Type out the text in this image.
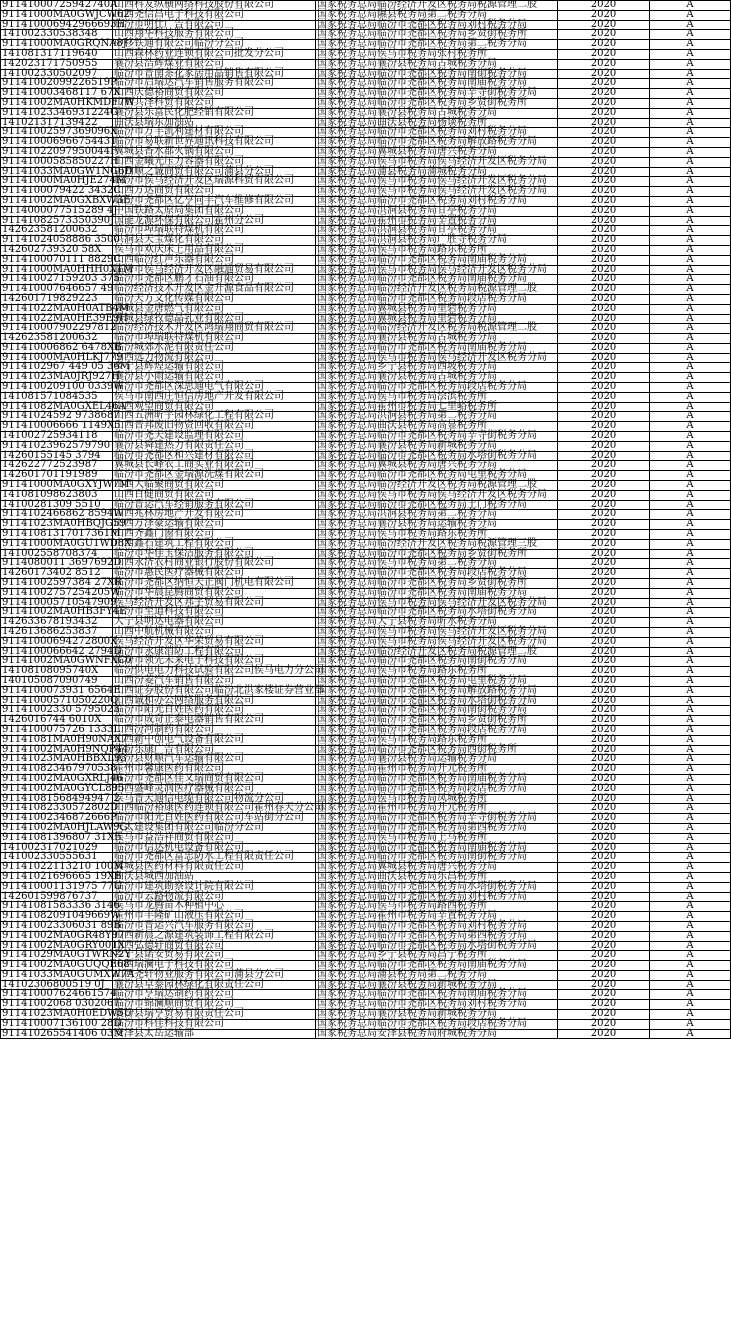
91141000725942740A	山西科友纵横网络科技股份有限公司	国家税务总局临汾经济开发区税务局税源管理二股	2020	A
91141000MA0GWJCW62	山西尧信昌电子科技有限公司	国家税务总局隰县税务局第二税务分局	2020	A
911410006942966693H	临汾市明仕广告有限公司	国家税务总局临汾市尧都区税务局刘村税务分局	2020	A
141002330538348	山西翔华科技服务有限公司	国家税务总局临汾市尧都区税务局乡贤街税务所	2020	A
91141000MA0GRQNA8J	中移铁通有限公司临汾分公司	国家税务总局临汾市尧都区税务局第二税务分局	2020	A
141081317119640	山西森林药业连锁有限公司批发分公司	国家税务总局侯马市税务局张村税务所	2020	A
142023171750955	襄汾县浩辉煤业有限公司	国家税务总局襄汾县税务局古城税务分局	2020	A
141002330502097	临汾市晋南茶花家居用品销售有限公司	国家税务总局临汾市尧都区税务局南街税务分局	2020	A
91141002099226519P	临汾市启瑞达汽车销售服务有限公司	国家税务总局临汾市尧都区税务局南庙税务分局	2020	A
911410003468117 67X	山西庆德裕商贸有限公司	国家税务总局临汾市尧都区税务局辛寺街税务分局	2020	A
91141002MA0HKMDF7W	山西共泽科贸有限公司	国家税务总局临汾市尧都区税务局乡贤街税务所	2020	A
91141023346931224G	襄汾县乐富民化肥经销有限公司	国家税务总局襄汾县税务局古城税务分局	2020	A
141021317139422	曲沃县瑞东加油站	国家税务总局曲沃县税务局杨谈税务所	2020	A
91141002597369096X	临汾市万丰凯利建材有限公司	国家税务总局临汾市尧都区税务局刘村税务分局	2020	A
911410006966754431	临汾市易联新世界通讯科技有限公司	国家税务总局临汾市尧都区税务局解放路税务分局	2020	A
91141022097950044F	翼城县香水郡火锅有限公司	国家税务总局翼城县税务局唐兴税务分局	2020	A
91141000585850227H	山西金曦光压力容器有限公司	国家税务总局侯马市税务局侯马经济开发区税务分局	2020	A
91141033MA0GW1NG6D	山西顺之诚商贸有限公司蒲县分公司	国家税务总局蒲县税务局蒲城税务分局	2020	A
91141000MA0HJE274M	临汾市侯马经济开发区瑞源科贸有限公司	国家税务总局侯马市税务局侯马经济开发区税务分局	2020	A
9114100079422 3432C	山西万达商贸有限公司	国家税务总局侯马市税务局侯马经济开发区税务分局	2020	A
91141002MA0GXBXW3E	临汾市尧都区亿亨同丰汽车维修有限公司	国家税务总局临汾市尧都区税务局刘村税务分局	2020	A
9114000077515289 4J	中国铁路太原局集团有限公司	国家税务总局洪洞县税务局甘亭税务分局	2020	A
91141082573350390J	国能龙源环保有限公司霍州分公司	国家税务总局霍州市税务局辛置税务分局	2020	A
142623581200632	临汾市埠瑞联特煤机有限公司	国家税务总局洪洞县税务局甘亭税务分局	2020	A
91141024058886 3500	洪洞县天宝煤化有限公司	国家税务总局洪洞县税务局广胜寺税务分局	2020	A
142602739320 58X	侯马市欢庆床上用品有限公司	国家税务总局侯马市税务局路东税务所	2020	A
9114100070111 8829C	山西临汾红声乐器有限公司	国家税务总局临汾市尧都区税务局南庙税务分局	2020	A
91141000MA0HHH0X1M	临汾市侯马经济开发区融通贸易有限公司	国家税务总局侯马市税务局侯马经济开发区税务分局	2020	A
911410027159203 375	临汾市尧都区鹏才石油有限公司	国家税务总局临汾市尧都区税务局南庙税务分局	2020	A
911410007646657 49	临汾经济技术开发区金升源食品有限公司	国家税务总局临汾经济开发区税务局税源管理二股	2020	A
142601719829223	临汾天方文化传媒有限公司	国家税务总局临汾市尧都区税务局段店税务分局	2020	A
91141022MA0H0ATB4M	翼城县金唐燃气有限公司	国家税务总局翼城县税务局里砦税务分局	2020	A
91141022MA0HE39E9H	翼城县绿牧德晶乳业有限公司	国家税务总局翼城县税务局里砦税务分局	2020	A
911410007902297812	临汾经济技术开发区鸿瑞翔商贸有限公司	国家税务总局临汾经济开发区税务局税源管理二股	2020	A
142623581200632	临汾市埠瑞联特煤机有限公司	国家税务总局襄汾县税务局古城税务分局	2020	A
911410006862 6478XB	临汾城郊水泥有限责任公司	国家税务总局临汾市尧都区税务局南庙税务分局	2020	A
91141000MA0HLKJ779	山西远力物流有限公司	国家税务总局侯马市税务局侯马经济开发区税务分局	2020	A
9114102967 449 05 36M	乡宁县辉煌运输有限公司	国家税务总局乡宁县税务局西坡税务分局	2020	A
91141023MA0JRJ927H	襄汾县小雨运输有限公司	国家税务总局襄汾县税务局古城税务分局	2020	A
9114100209100 0339W	临汾市尧都区深思通电气有限公司	国家税务总局临汾市尧都区税务局段店税务分局	2020	A
141081571084535	侯马市南西庄恒信房地产开发有限公司	国家税务总局侯马市税务局浍滨税务所	2020	A
91141082MA0GXEL46A	山西观望商贸有限公司	国家税务总局霍州市税务局七里峪税务所	2020	A
91141024592 9738687	山西五洲昕宇园林绿化工程有限公司	国家税务总局洪洞县税务局第二税务分局	2020	A
911410006666 1149X5	山西晋邦废旧物资回收有限公司	国家税务总局曲沃县税务局高显税务所	2020	A
141002725934118	临汾市尧天建设监理有限公司	国家税务总局临汾市尧都区税务局辛寺街税务分局	2020	A
91141023962579790	襄汾县舜建热力有限责任公司	国家税务总局襄汾县税务局新城税务分局	2020	A
14260155145 3794	临汾市尧都区和兴建材有限公司	国家税务总局临汾市尧都区税务局水塔街税务分局	2020	A
142622772523987	翼城县长峰农工商实业有限公司	国家税务总局翼城县税务局唐兴税务分局	2020	A
142601701191989	临汾市尧都区金瑞源洗煤有限公司	国家税务总局临汾市尧都区税务局屯里税务分局	2020	A
91141000MA0GXYJW7M	山西大临聚商贸有限公司	国家税务总局临汾经济开发区税务局税源管理二股	2020	A
141081098623803	山西百健商贸有限公司	国家税务总局侯马市税务局侯马经济开发区税务分局	2020	A
14100281309 5510	临汾晋运汽车经销服务有限公司	国家税务总局临汾市尧都区税务局土门税务分局	2020	A
9114102466862 8594W	山西兆林房地产开发有限公司	国家税务总局洪洞县税务局第二税务分局	2020	A
91141023MA0HBQJG59	山西万泽豪运输有限公司	国家税务总局襄汾县税务局运输税务分局	2020	A
91141081317017361M	山西齐鑫门窗有限公司	国家税务总局侯马市税务局路东税务所	2020	A
91141000MA0GU1WD8X	山西鑫石建筑工程有限公司	国家税务总局临汾经济开发区税务局税源管理三股	2020	A
141002558708374	临汾市华佳玉保洁服务有限公司	国家税务总局临汾市尧都区税务局乡贤街税务所	2020	A
9114080011 3697692D	山西永济农村商业银行股份有限公司	国家税务总局侯马市税务局第二税务分局	2020	A
14260173402 8512	临汾市惠民医疗器械有限公司	国家税务总局临汾市尧都区税务局段店税务分局	2020	A
91141002597384 27XR	临汾市尧都区纳恒天正阀门机电有限公司	国家税务总局临汾市尧都区税务局乡贤街税务所	2020	A
91141002757254205W	临汾市华晨昆腾商贸有限公司	国家税务总局临汾市尧都区税务局南庙税务分局	2020	A
911410005710547909	侯马经济开发区邦宇贸易有限公司	国家税务总局侯马市税务局侯马经济开发区税务分局	2020	A
91141002MA0HB3FY4E	临汾市至道科技有限公司	国家税务总局临汾市尧都区税务局水塔街税务分局	2020	A
142633678193432	大宁县明达电器有限公司	国家税务总局大宁县税务局昕水税务分局	2020	A
142613686253837	山西中航机械有限公司	国家税务总局侯马市税务局侯马经济开发区税务分局	2020	A
91141000694272800X	侯马经济开发区华荣贸易有限公司	国家税务总局侯马市税务局侯马经济开发区税务分局	2020	A
9114100066642 2794D	临汾市永康消防工程有限公司	国家税务总局临汾经济开发区税务局税源管理二股	2020	A
91141002MA0GWNFXC0	临汾市领先未来电子科技有限公司	国家税务总局临汾市尧都区税务局南街税务分局	2020	A
14108108095740X	临汾供电电力科技试验有限公司侯马电力分公司	国家税务总局侯马市税务局路东税务所	2020	A
140105087090749	山西汾菱汽车销售有限公司	国家税务总局临汾市尧都区税务局屯里税务分局	2020	A
9114100073931 6564E	山西证券股份有限公司临汾北洪家楼证券营业部	国家税务总局临汾市尧都区税务局解放路税务分局	2020	A
91141000571050220Q	山西诚和办公网络服务有限公司	国家税务总局临汾市尧都区税务局水塔街税务分局	2020	A
91141002330 5795023	临汾市阳光百姓医药有限公司	国家税务总局临汾市尧都区税务局南街税务分局	2020	A
1426016744 6010X	临汾市成奇正泰电器销售有限公司	国家税务总局临汾市尧都区税务局乡贤街税务所	2020	A
9114100075726 1333L	山西汾河制药有限公司	国家税务总局临汾市尧都区税务局段店税务分局	2020	A
91141081MA0H90NAX7	山西新中创电气设备有限公司	国家税务总局侯马市税务局路东税务所	2020	A
91141002MA0H9NQP44	临汾乐康广告有限公司	国家税务总局临汾市尧都区税务局西街税务所	2020	A
91141023MA0HBBXL93	襄汾县财顺汽车运输有限公司	国家税务总局襄汾县税务局运输税务分局	2020	A
911410823467970538	霍州市馨康医药有限公司	国家税务总局霍州市税务局开元税务所	2020	A
91141002MA0GXRLJ46	临汾市尧都区佳又瑞商贸有限公司	国家税务总局临汾市尧都区税务局南庙税务分局	2020	A
91141002MA0GYCL895	山西盛峰灵润医疗器械有限公司	国家税务总局临汾市尧都区税务局段店税务分局	2020	A
91141081568494947 2	侯马晋天通信电缆有限公司物流分公司	国家税务总局侯马市税务局凤城税务所	2020	A
91141082330572802D	山西临汾裕康医药连锁有限公司霍州春天分公司	国家税务总局霍州市税务局开元税务所	2020	A
91141002346872666P	临汾市阳光百姓医药有限公司车站街分公司	国家税务总局临汾市尧都区税务局辛寺街税务分局	2020	A
91141002MA0HJLAW9G	天太建设集团有限公司临汾分公司	国家税务总局临汾市尧都区税务局第四税务分局	2020	A
91141081396807 31XE	侯马市益浩祥商贸有限公司	国家税务总局侯马市税务局上马税务所	2020	A
141002317021029	临汾市信达机电设备有限公司	国家税务总局临汾市尧都区税务局南庙税务分局	2020	A
141002330555631	临汾市尧都区富忠防水工程有限责任公司	国家税务总局临汾市尧都区税务局南街税务分局	2020	A
91141022113210 100M	翼城县医药材料有限责任公司	国家税务总局翼城县税务局唐兴税务分局	2020	A
91141021696665 19XB	曲沃县城西加油站	国家税务总局曲沃县税务局乐昌税务所	2020	A
911410001131975 77U	临汾市建筑勘察设计院有限公司	国家税务总局临汾市尧都区税务局水塔街税务分局	2020	A
142601599876737	临汾市云路物流有限公司	国家税务总局临汾市尧都区税务局刘村税务分局	2020	A
91141081583336 3146	侯马市龙腾苗木种植中心	国家税务总局侯马市税务局路西税务所	2020	A
91141082091049669W	霍州市丰隆矿山液压有限公司	国家税务总局霍州市税务局辛置税务分局	2020	A
911410023306031 89B	临汾市晋运兴汽车服务有限公司	国家税务总局临汾市尧都区税务局刘村税务分局	2020	A
91141002MA0GR48Y97	山西新晨之源建筑装饰工程有限公司	国家税务总局临汾市尧都区税务局第四税务分局	2020	A
91141002MA0GRY001X	山西弘德轩商贸有限公司	国家税务总局临汾市尧都区税务局水塔街税务分局	2020	A
91141029MA0GTWRN2Y	乡宁县诺安贸易有限公司	国家税务总局乡宁县税务局昌宁税务所	2020	A
91141002MA0GUQQE68	山西瑞澜电子科技有限公司	国家税务总局临汾市尧都区税务局南庙税务分局	2020	A
91141033MA0GUMXW7A	山西尧轩物业服务有限公司蒲县分公司	国家税务总局蒲县税务局第二税务分局	2020	A
14102306800519 0J	襄汾县卓泰园林绿化有限责任公司	国家税务总局襄汾县税务局新城税务分局	2020	A
911410007624661574	临汾市亨瑞达制药有限公司	国家税务总局临汾市尧都区税务局南庙税务分局	2020	A
91141002068 0302067	临汾市锦澜顺商贸有限公司	国家税务总局临汾市尧都区税务局刘村税务分局	2020	A
91141023MA0H0EDW5U	襄汾县瑞亨贸易有限责任公司	国家税务总局襄汾县税务局新城税务分局	2020	A
911410007136100 28D	临汾市科佳科技有限公司	国家税务总局临汾市尧都区税务局段店税务分局	2020	A
911410265541406 03M	安泽县太岳运输部	国家税务总局安泽县税务局府城税务分局	2020	A
